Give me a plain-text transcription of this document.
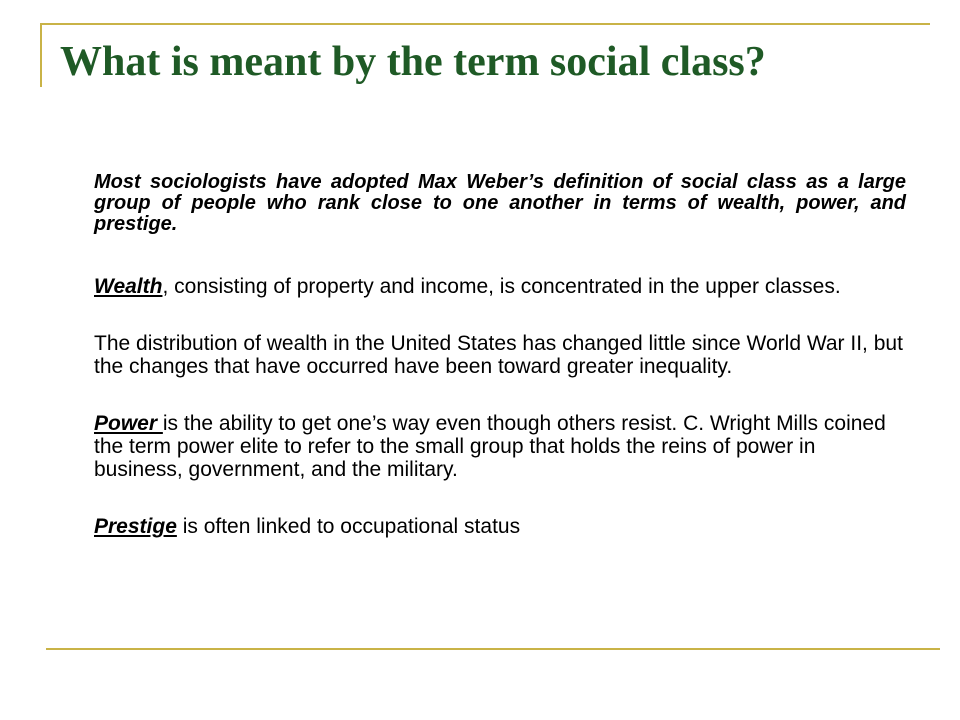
What is meant by the term social class?

Most sociologists have adopted Max Weber’s definition of social class as a large group of people who rank close to one another in terms of wealth, power, and prestige.

Wealth, consisting of property and income, is concentrated in the upper classes.

The distribution of wealth in the United States has changed little since World War II, but the changes that have occurred have been toward greater inequality.

Power is the ability to get one’s way even though others resist. C. Wright Mills coined the term power elite to refer to the small group that holds the reins of power in business, government, and the military.

Prestige is often linked to occupational status
